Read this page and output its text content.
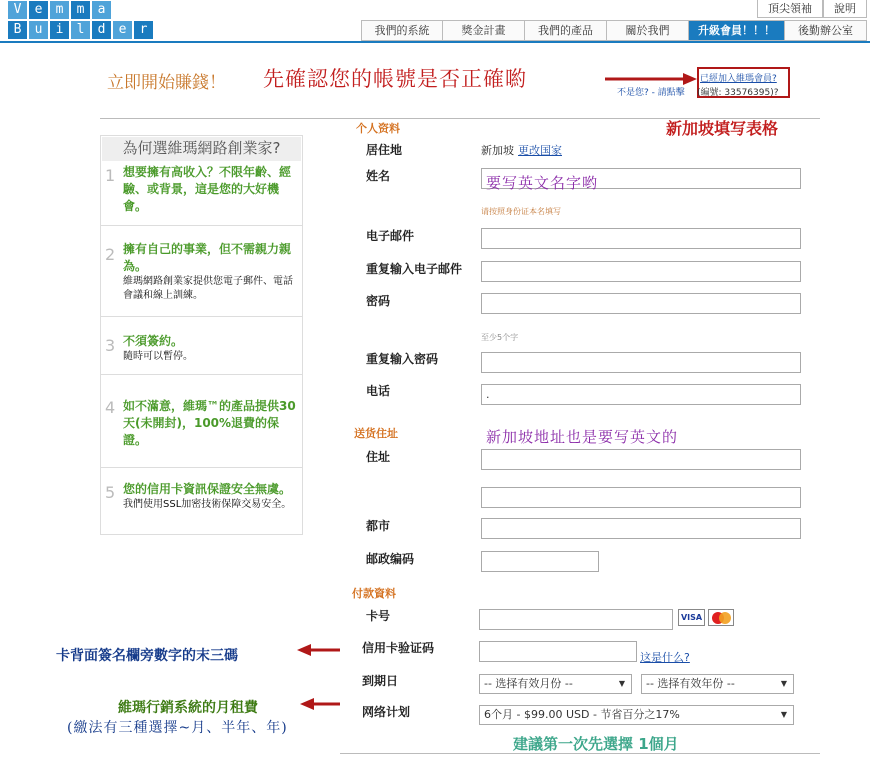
V	e	m	m	a
B	u	i	l	d	e	r
頂尖領袖	說明
我們的系統	獎金計畫	我們的產品	關於我們	升級會員！！！	後勤辦公室
立即開始賺錢！ 先確認您的帳號是否正確喲	已經加入維瑪會員?
不是您? - 請點擊 (編號: 33576395)?
為何選維瑪網路創業家?
1 想要擁有高收入？不限年齡、經驗、或背景，這是您的大好機會。
2 擁有自己的事業，但不需親力親為。
維瑪網路創業家提供您電子郵件、電話會議和線上訓練。
3 不須簽約。
隨時可以暫停。
4 如不滿意，維瑪™的產品提供30天(未開封)，100%退費的保證。
5 您的信用卡資訊保證安全無虞。
我們使用SSL加密技術保障交易安全。
卡背面簽名欄旁數字的末三碼
維瑪行銷系統的月租費
(繳法有三種選擇~月、半年、年)
新加坡填写表格
个人资料
居住地	新加坡 更改国家
姓名	要写英文名字哟
请按照身份证本名填写
电子邮件
重复输入电子邮件
密码
至少5个字
重复输入密码
电话	.
送货住址	新加坡地址也是要写英文的
住址
都市
邮政编码
付款資料
卡号	VISA
信用卡验证码
这是什么?
到期日	-- 选择有效月份 -- ▼	-- 选择有效年份 -- ▼
网络计划	6个月 - $99.00 USD - 节省百分之17% ▼
建議第一次先選擇 1個月
